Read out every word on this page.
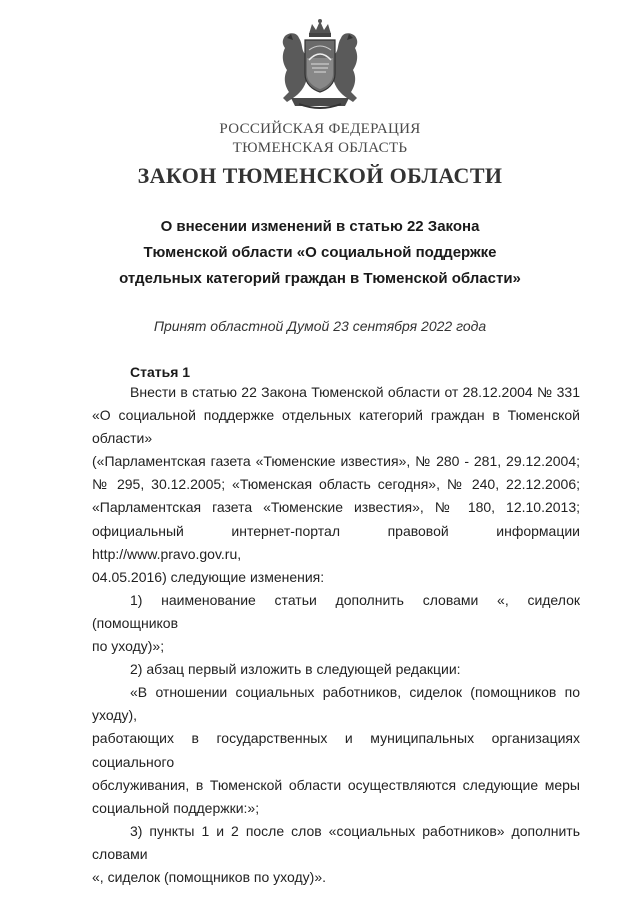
РОССИЙСКАЯ ФЕДЕРАЦИЯ
ТЮМЕНСКАЯ ОБЛАСТЬ
ЗАКОН ТЮМЕНСКОЙ ОБЛАСТИ
О внесении изменений в статью 22 Закона
Тюменской области «О социальной поддержке
отдельных категорий граждан в Тюменской области»
Принят областной Думой 23 сентября 2022 года
Статья 1
Внести в статью 22 Закона Тюменской области от 28.12.2004 № 331
«О социальной поддержке отдельных категорий граждан в Тюменской области»
(«Парламентская газета «Тюменские известия», № 280 - 281, 29.12.2004;
№ 295, 30.12.2005; «Тюменская область сегодня», № 240, 22.12.2006;
«Парламентская газета «Тюменские известия», № 180, 12.10.2013;
официальный интернет-портал правовой информации http://www.pravo.gov.ru,
04.05.2016) следующие изменения:
1) наименование статьи дополнить словами «, сиделок (помощников
по уходу)»;
2) абзац первый изложить в следующей редакции:
«В отношении социальных работников, сиделок (помощников по уходу),
работающих в государственных и муниципальных организациях социального
обслуживания, в Тюменской области осуществляются следующие меры
социальной поддержки:»;
3) пункты 1 и 2 после слов «социальных работников» дополнить словами
«, сиделок (помощников по уходу)».
